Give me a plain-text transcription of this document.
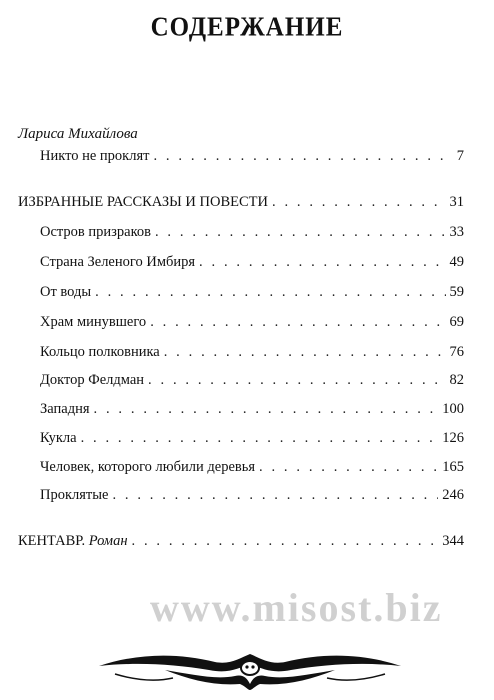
СОДЕРЖАНИЕ
Лариса Михайлова
Никто не проклят . . .	7
ИЗБРАННЫЕ РАССКАЗЫ И ПОВЕСТИ . . .	31
Остров призраков . . .	33
Страна Зеленого Имбиря . . .	49
От воды . . .	59
Храм минувшего . . .	69
Кольцо полковника . . .	76
Доктор Фелдман . . .	82
Западня . . .	100
Кукла . . .	126
Человек, которого любили деревья . . .	165
Проклятые . . .	246
КЕНТАВР. Роман . . .	344
www.misost.biz
